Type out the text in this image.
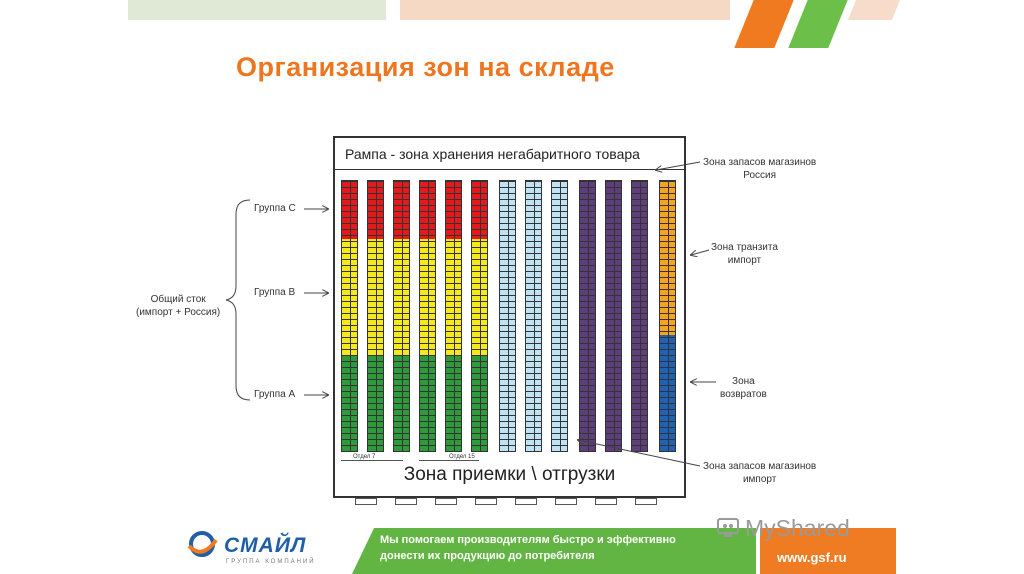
Организация зон на складе
Рампа - зона хранения негабаритного товара
Отдел 7	Отдел 15
Зона приемки \ отгрузки
Группа C
Группа B
Группа A
Общий сток
(импорт + Россия)
Зона запасов магазинов
Россия
Зона транзита
импорт
Зона
возвратов
Зона запасов магазинов
импорт
СМАЙЛ
ГРУППА КОМПАНИЙ
Мы помогаем производителям быстро и эффективно
донести их продукцию до потребителя	www.gsf.ru
MyShared
